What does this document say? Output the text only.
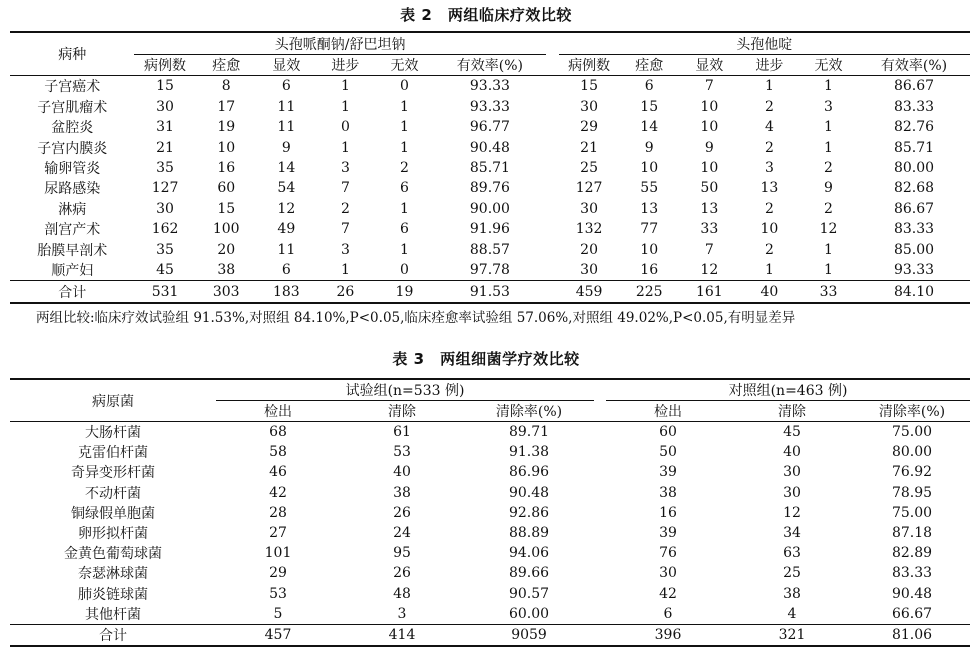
表 2　两组临床疗效比较
病种	头孢哌酮钠/舒巴坦钠							头孢他啶					
	病例数	痊愈	显效	进步	无效	有效率(%)		病例数	痊愈	显效	进步	无效	有效率(%)
子宫癌术	15	8	6	1	0	93.33		15	6	7	1	1	86.67
子宫肌瘤术	30	17	11	1	1	93.33		30	15	10	2	3	83.33
盆腔炎	31	19	11	0	1	96.77		29	14	10	4	1	82.76
子宫内膜炎	21	10	9	1	1	90.48		21	9	9	2	1	85.71
输卵管炎	35	16	14	3	2	85.71		25	10	10	3	2	80.00
尿路感染	127	60	54	7	6	89.76		127	55	50	13	9	82.68
淋病	30	15	12	2	1	90.00		30	13	13	2	2	86.67
剖宫产术	162	100	49	7	6	91.96		132	77	33	10	12	83.33
胎膜早剖术	35	20	11	3	1	88.57		20	10	7	2	1	85.00
顺产妇	45	38	6	1	0	97.78		30	16	12	1	1	93.33
合计	531	303	183	26	19	91.53		459	225	161	40	33	84.10
两组比较:临床疗效试验组 91.53%,对照组 84.10%,P<0.05,临床痊愈率试验组 57.06%,对照组 49.02%,P<0.05,有明显差异
表 3　两组细菌学疗效比较
病原菌	试验组(n=533 例)				对照组(n=463 例)		
	检出	清除	清除率(%)		检出	清除	清除率(%)
大肠杆菌	68	61	89.71		60	45	75.00
克雷伯杆菌	58	53	91.38		50	40	80.00
奇异变形杆菌	46	40	86.96		39	30	76.92
不动杆菌	42	38	90.48		38	30	78.95
铜绿假单胞菌	28	26	92.86		16	12	75.00
卵形拟杆菌	27	24	88.89		39	34	87.18
金黄色葡萄球菌	101	95	94.06		76	63	82.89
奈瑟淋球菌	29	26	89.66		30	25	83.33
肺炎链球菌	53	48	90.57		42	38	90.48
其他杆菌	5	3	60.00		6	4	66.67
合计	457	414	9059		396	321	81.06
